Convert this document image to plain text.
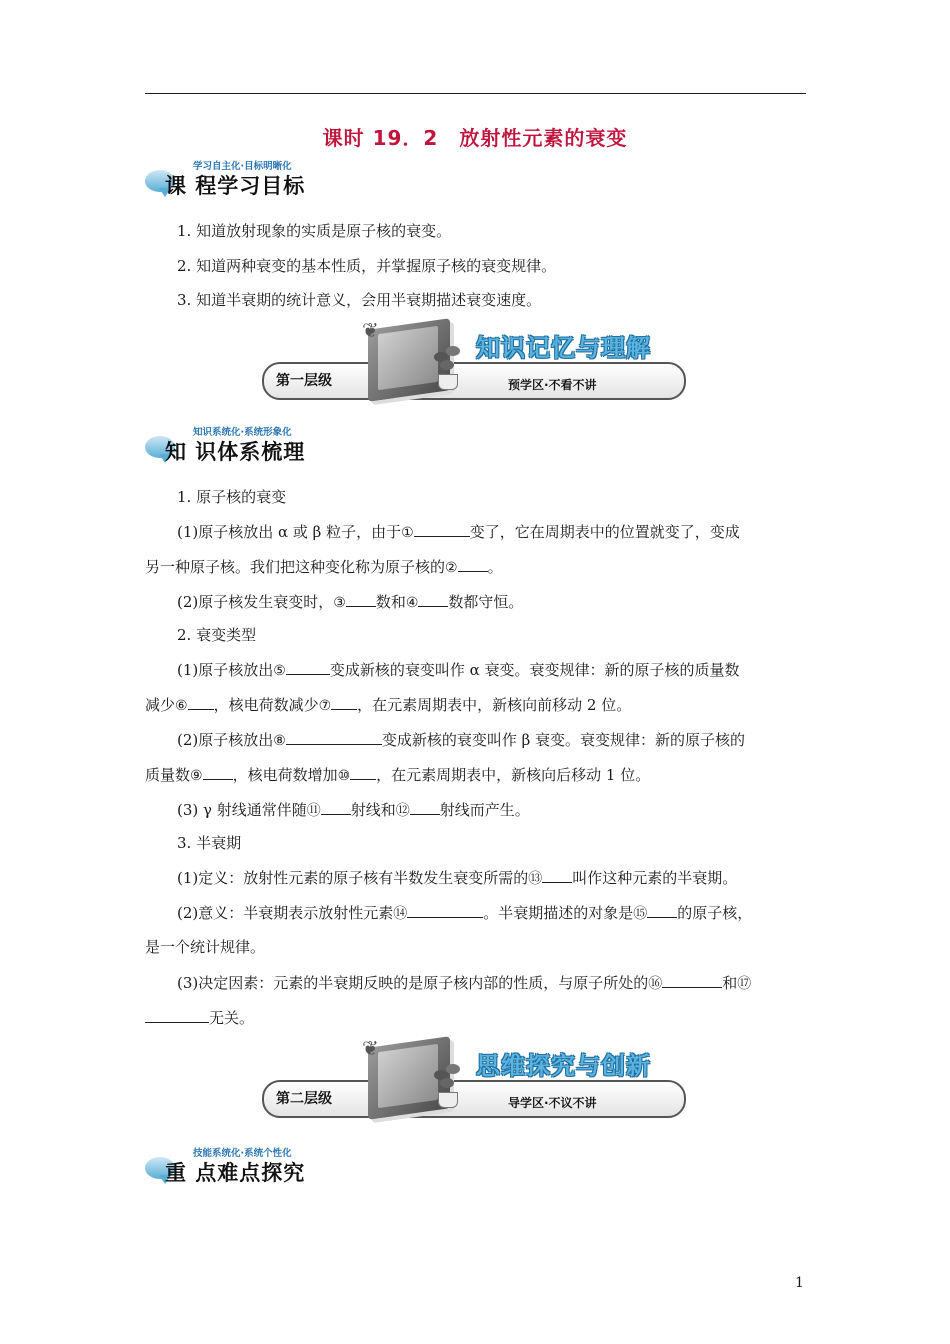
课时 19．2　放射性元素的衰变
学习自主化·目标明晰化
课 程学习目标
1. 知道放射现象的实质是原子核的衰变。
2. 知道两种衰变的基本性质，并掌握原子核的衰变规律。
3. 知道半衰期的统计意义，会用半衰期描述衰变速度。
第一层级
❦
知识记忆与理解
预学区·不看不讲
知识系统化·系统形象化
知 识体系梳理
1. 原子核的衰变
(1)原子核放出 α 或 β 粒子，由于①	变了，它在周期表中的位置就变了，变成
另一种原子核。我们把这种变化称为原子核的② 。
(2)原子核发生衰变时，③ 数和④ 数都守恒。
2. 衰变类型
(1)原子核放出⑤	变成新核的衰变叫作 α 衰变。衰变规律：新的原子核的质量数
减少⑥ ，核电荷数减少⑦ ，在元素周期表中，新核向前移动 2 位。
(2)原子核放出⑧	变成新核的衰变叫作 β 衰变。衰变规律：新的原子核的
质量数⑨ ，核电荷数增加⑩ ，在元素周期表中，新核向后移动 1 位。
(3) γ 射线通常伴随⑪ 射线和⑫ 射线而产生。
3. 半衰期
(1)定义：放射性元素的原子核有半数发生衰变所需的⑬ 叫作这种元素的半衰期。
(2)意义：半衰期表示放射性元素⑭	。半衰期描述的对象是⑮ 的原子核，
是一个统计规律。
(3)决定因素：元素的半衰期反映的是原子核内部的性质，与原子所处的⑯	和⑰
无关。
第二层级
❦
思维探究与创新
导学区·不议不讲
技能系统化·系统个性化
重 点难点探究
1
